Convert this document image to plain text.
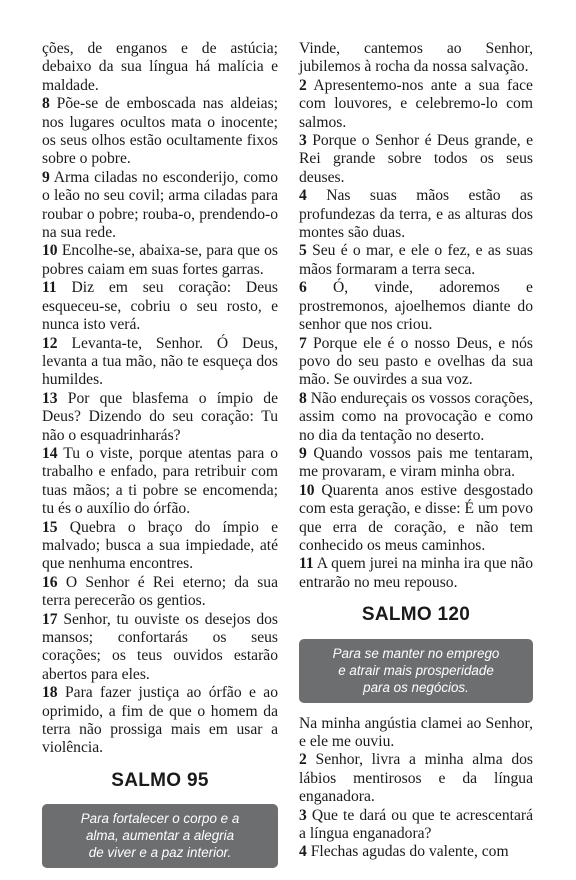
ções, de enganos e de astúcia; debaixo da sua língua há malícia e maldade.

8 Põe-se de emboscada nas aldeias; nos lugares ocultos mata o inocente; os seus olhos estão ocultamente fixos sobre o pobre.

9 Arma ciladas no esconderijo, como o leão no seu covil; arma ciladas para roubar o pobre; rouba-o, prendendo-o na sua rede.

10 Encolhe-se, abaixa-se, para que os pobres caiam em suas fortes garras.

11 Diz em seu coração: Deus esqueceu-se, cobriu o seu rosto, e nunca isto verá.

12 Levanta-te, Senhor. Ó Deus, levanta a tua mão, não te esqueça dos humildes.

13 Por que blasfema o ímpio de Deus? Dizendo do seu coração: Tu não o esquadrinharás?

14 Tu o viste, porque atentas para o trabalho e enfado, para retribuir com tuas mãos; a ti pobre se encomenda; tu és o auxílio do órfão.

15 Quebra o braço do ímpio e malvado; busca a sua impiedade, até que nenhuma encontres.

16 O Senhor é Rei eterno; da sua terra perecerão os gentios.

17 Senhor, tu ouviste os desejos dos mansos; confortarás os seus corações; os teus ouvidos estarão abertos para eles.

18 Para fazer justiça ao órfão e ao oprimido, a fim de que o homem da terra não prossiga mais em usar a violência.

SALMO 95
Para fortalecer o corpo e a
alma, aumentar a alegria
de viver e a paz interior.

Vinde, cantemos ao Senhor, jubilemos à rocha da nossa salvação.

2 Apresentemo-nos ante a sua face com louvores, e celebremo-lo com salmos.

3 Porque o Senhor é Deus grande, e Rei grande sobre todos os seus deuses.

4 Nas suas mãos estão as profundezas da terra, e as alturas dos montes são duas.

5 Seu é o mar, e ele o fez, e as suas mãos formaram a terra seca.

6 Ó, vinde, adoremos e prostremonos, ajoelhemos diante do senhor que nos criou.

7 Porque ele é o nosso Deus, e nós povo do seu pasto e ovelhas da sua mão. Se ouvirdes a sua voz.

8 Não endureçais os vossos corações, assim como na provocação e como no dia da tentação no deserto.

9 Quando vossos pais me tentaram, me provaram, e viram minha obra.

10 Quarenta anos estive desgostado com esta geração, e disse: É um povo que erra de coração, e não tem conhecido os meus caminhos.

11 A quem jurei na minha ira que não entrarão no meu repouso.

SALMO 120
Para se manter no emprego
e atrair mais prosperidade
para os negócios.

Na minha angústia clamei ao Senhor, e ele me ouviu.

2 Senhor, livra a minha alma dos lábios mentirosos e da língua enganadora.

3 Que te dará ou que te acrescentará a língua enganadora?

4 Flechas agudas do valente, com
